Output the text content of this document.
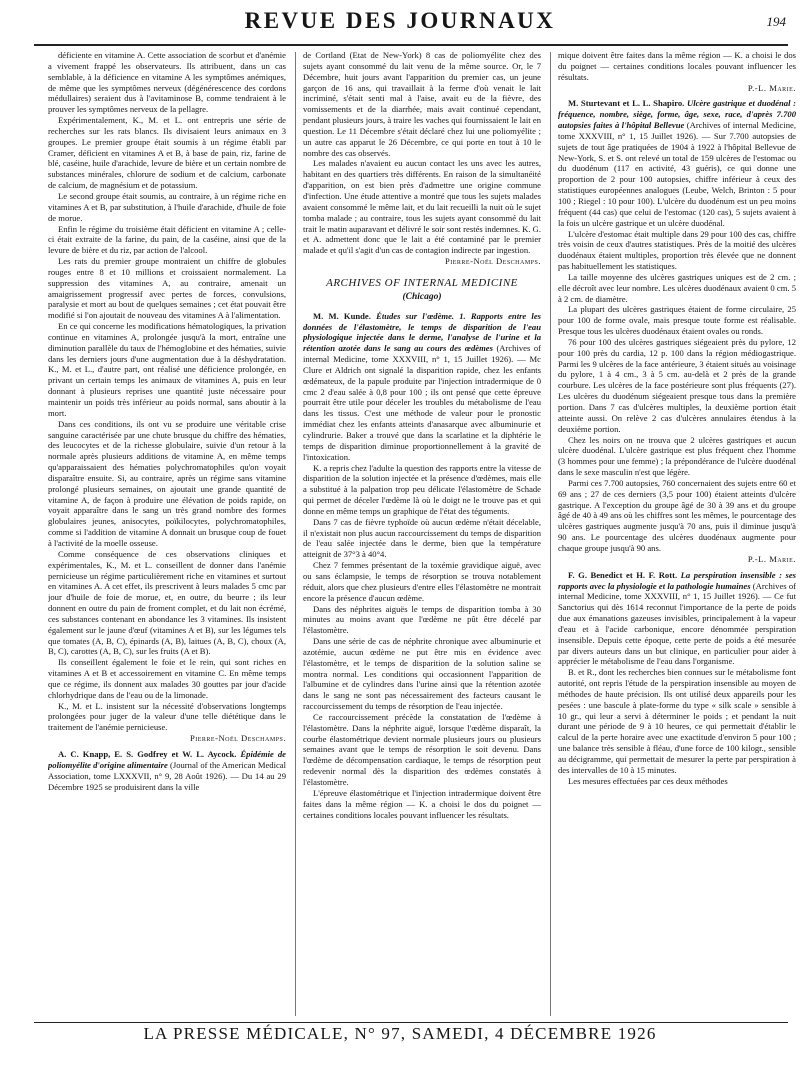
REVUE DES JOURNAUX	194

déficiente en vitamine A. Cette association de scorbut et d'anémie a vivement frappé les observateurs. Ils attribuent, dans un cas semblable, à la déficience en vitamine A les symptômes anémiques, de même que les symptômes nerveux (dégénérescence des cordons médullaires) seraient dus à l'avitaminose B, comme tendraient à le prouver les symptômes nerveux de la pellagre.

Expérimentalement, K., M. et L. ont entrepris une série de recherches sur les rats blancs. Ils divisaient leurs animaux en 3 groupes. Le premier groupe était soumis à un régime établi par Cramer, déficient en vitamines A et B, à base de pain, riz, farine de blé, caséine, huile d'arachide, levure de bière et un certain nombre de substances minérales, chlorure de sodium et de calcium, carbonate de calcium, de magnésium et de potassium.

Le second groupe était soumis, au contraire, à un régime riche en vitamines A et B, par substitution, à l'huile d'arachide, d'huile de foie de morue.

Enfin le régime du troisième était déficient en vitamine A ; celle-ci était extraite de la farine, du pain, de la caséine, ainsi que de la levure de bière et du riz, par action de l'alcool.

Les rats du premier groupe montraient un chiffre de globules rouges entre 8 et 10 millions et croissaient normalement. La suppression des vitamines A, au contraire, amenait un amaigrissement progressif avec pertes de forces, convulsions, paralysie et mort au bout de quelques semaines ; cet état pouvait être modifié si l'on ajoutait de nouveau des vitamines A à l'alimentation.

En ce qui concerne les modifications hématologiques, la privation continue en vitamines A, prolongée jusqu'à la mort, entraîne une diminution parallèle du taux de l'hémoglobine et des hématies, suivie dans les derniers jours d'une augmentation due à la déshydratation. K., M. et L., d'autre part, ont réalisé une déficience prolongée, en privant un certain temps les animaux de vitamines A, puis en leur donnant à plusieurs reprises une quantité juste nécessaire pour maintenir un poids très inférieur au poids normal, sans aboutir à la mort.

Dans ces conditions, ils ont vu se produire une véritable crise sanguine caractérisée par une chute brusque du chiffre des hématies, des leucocytes et de la richesse globulaire, suivie d'un retour à la normale après plusieurs additions de vitamine A, en même temps qu'apparaissaient des hématies polychromatophiles qu'on voyait disparaître ensuite. Si, au contraire, après un régime sans vitamine prolongé plusieurs semaines, on ajoutait une grande quantité de vitamine A, de façon à produire une élévation de poids rapide, on voyait apparaître dans le sang un très grand nombre des formes globulaires jeunes, anisocytes, poïkilocytes, polychromatophiles, comme si l'addition de vitamine A donnait un brusque coup de fouet à l'activité de la moelle osseuse.

Comme conséquence de ces observations cliniques et expérimentales, K., M. et L. conseillent de donner dans l'anémie pernicieuse un régime particulièrement riche en vitamines et surtout en vitamines A. A cet effet, ils prescrivent à leurs malades 5 cmc par jour d'huile de foie de morue, et, en outre, du beurre ; ils leur donnent en outre du pain de froment complet, et du lait non écrémé, ces substances contenant en abondance les 3 vitamines. Ils insistent également sur le jaune d'œuf (vitamines A et B), sur les légumes tels que tomates (A, B, C), épinards (A, B), laitues (A, B, C), choux (A, B, C), carottes (A, B, C), sur les fruits (A et B).

Ils conseillent également le foie et le rein, qui sont riches en vitamines A et B et accessoirement en vitamine C. En même temps que ce régime, ils donnent aux malades 30 gouttes par jour d'acide chlorhydrique dans de l'eau ou de la limonade.

K., M. et L. insistent sur la nécessité d'observations longtemps prolongées pour juger de la valeur d'une telle diététique dans le traitement de l'anémie pernicieuse.

Pierre-Noël Deschamps.

A. C. Knapp, E. S. Godfrey et W. L. Aycock. Épidémie de poliomyélite d'origine alimentaire (Journal of the American Medical Association, tome LXXXVII, n° 9, 28 Août 1926). — Du 14 au 29 Décembre 1925 se produisirent dans la ville

de Cortland (Etat de New-York) 8 cas de poliomyélite chez des sujets ayant consommé du lait venu de la même source. Or, le 7 Décembre, huit jours avant l'apparition du premier cas, un jeune garçon de 16 ans, qui travaillait à la ferme d'où venait le lait incriminé, s'était senti mal à l'aise, avait eu de la fièvre, des vomissements et de la diarrhée, mais avait continué cependant, pendant plusieurs jours, à traire les vaches qui fournissaient le lait en question. Le 11 Décembre s'était déclaré chez lui une poliomyélite ; un autre cas apparut le 26 Décembre, ce qui porte en tout à 10 le nombre des cas observés.

Les malades n'avaient eu aucun contact les uns avec les autres, habitant en des quartiers très différents. En raison de la simultanéité d'apparition, on est bien près d'admettre une origine commune d'infection. Une étude attentive a montré que tous les sujets malades avaient consommé le même lait, et du lait recueilli la nuit où le sujet tomba malade ; au contraire, tous les sujets ayant consommé du lait trait le matin auparavant et délivré le soir sont restés indemnes. K. G. et A. admettent donc que le lait a été contaminé par le premier malade et qu'il s'agit d'un cas de contagion indirecte par ingestion.

Pierre-Noël Deschamps.

ARCHIVES OF INTERNAL MEDICINE
(Chicago)

M. M. Kunde. Études sur l'œdème. 1. Rapports entre les données de l'élastomètre, le temps de disparition de l'eau physiologique injectée dans le derme, l'analyse de l'urine et la rétention azotée dans le sang au cours des œdèmes (Archives of internal Medicine, tome XXXVIII, n° 1, 15 Juillet 1926). — Mc Clure et Aldrich ont signalé la disparition rapide, chez les enfants œdémateux, de la papule produite par l'injection intradermique de 0 cmc 2 d'eau salée à 0,8 pour 100 ; ils ont pensé que cette épreuve pourrait être utile pour déceler les troubles du métabolisme de l'eau dans les tissus. C'est une méthode de valeur pour le pronostic immédiat chez les enfants atteints d'anasarque avec albuminurie et cylindrurie. Baker a trouvé que dans la scarlatine et la diphtérie le temps de disparition diminue proportionnellement à la gravité de l'intoxication.

K. a repris chez l'adulte la question des rapports entre la vitesse de disparition de la solution injectée et la présence d'œdèmes, mais elle a substitué à la palpation trop peu délicate l'élastomètre de Schade qui permet de déceler l'œdème là où le doigt ne le trouve pas et qui donne en même temps un graphique de l'état des téguments.

Dans 7 cas de fièvre typhoïde où aucun œdème n'était décelable, il n'existait non plus aucun raccourcissement du temps de disparition de l'eau salée injectée dans le derme, bien que la température atteignit de 37°3 à 40°4.

Chez 7 femmes présentant de la toxémie gravidique aiguë, avec ou sans éclampsie, le temps de résorption se trouva notablement réduit, alors que chez plusieurs d'entre elles l'élastomètre ne montrait encore la présence d'aucun œdème.

Dans des néphrites aiguës le temps de disparition tomba à 30 minutes au moins avant que l'œdème ne pût être décelé par l'élastomètre.

Dans une série de cas de néphrite chronique avec albuminurie et azotémie, aucun œdème ne put être mis en évidence avec l'élastomètre, et le temps de disparition de la solution saline se montra normal. Les conditions qui occasionnent l'apparition de l'albumine et de cylindres dans l'urine ainsi que la rétention azotée dans le sang ne sont pas nécessairement des facteurs causant le raccourcissement du temps de résorption de l'eau injectée.

Ce raccourcissement précède la constatation de l'œdème à l'élastomètre. Dans la néphrite aiguë, lorsque l'œdème disparaît, la courbe élastométrique devient normale plusieurs jours ou plusieurs semaines avant que le temps de résorption le soit devenu. Dans l'œdème de décompensation cardiaque, le temps de résorption peut redevenir normal dès la disparition des œdèmes constatés à l'élastomètre.

L'épreuve élastométrique et l'injection intradermique doivent être faites dans la même région — K. a choisi le dos du poignet — certaines conditions locales pouvant influencer les résultats.

mique doivent être faites dans la même région — K. a choisi le dos du poignet — certaines conditions locales pouvant influencer les résultats.

P.-L. Marie.

M. Sturtevant et L. L. Shapiro. Ulcère gastrique et duodénal : fréquence, nombre, siège, forme, âge, sexe, race, d'après 7.700 autopsies faites à l'hôpital Bellevue (Archives of internal Medicine, tome XXXVIII, n° 1, 15 Juillet 1926). — Sur 7.700 autopsies de sujets de tout âge pratiquées de 1904 à 1922 à l'hôpital Bellevue de New-York, S. et S. ont relevé un total de 159 ulcères de l'estomac ou du duodénum (117 en activité, 43 guéris), ce qui donne une proportion de 2 pour 100 autopsies, chiffre inférieur à ceux des statistiques européennes analogues (Leube, Welch, Brinton : 5 pour 100 ; Riegel : 10 pour 100). L'ulcère du duodénum est un peu moins fréquent (44 cas) que celui de l'estomac (120 cas), 5 sujets avaient à la fois un ulcère gastrique et un ulcère duodénal.

L'ulcère d'estomac était multiple dans 29 pour 100 des cas, chiffre très voisin de ceux d'autres statistiques. Près de la moitié des ulcères duodénaux étaient multiples, proportion très élevée que ne donnent pas habituellement les statistiques.

La taille moyenne des ulcères gastriques uniques est de 2 cm. ; elle décroît avec leur nombre. Les ulcères duodénaux avaient 0 cm. 5 à 2 cm. de diamètre.

La plupart des ulcères gastriques étaient de forme circulaire, 25 pour 100 de forme ovale, mais presque toute forme est réalisable. Presque tous les ulcères duodénaux étaient ovales ou ronds.

76 pour 100 des ulcères gastriques siégeaient près du pylore, 12 pour 100 près du cardia, 12 p. 100 dans la région médiogastrique. Parmi les 9 ulcères de la face antérieure, 3 étaient situés au voisinage du pylore, 1 à 4 cm., 3 à 5 cm. au-delà et 2 près de la grande courbure. Les ulcères de la face postérieure sont plus fréquents (27). Les ulcères du duodénum siégeaient presque tous dans la première portion. Dans 7 cas d'ulcères multiples, la deuxième portion était atteinte aussi. On relève 2 cas d'ulcères annulaires étendus à la deuxième portion.

Chez les noirs on ne trouva que 2 ulcères gastriques et aucun ulcère duodénal. L'ulcère gastrique est plus fréquent chez l'homme (3 hommes pour une femme) ; la prépondérance de l'ulcère duodénal dans le sexe masculin n'est que légère.

Parmi ces 7.700 autopsies, 760 concernaient des sujets entre 60 et 69 ans ; 27 de ces derniers (3,5 pour 100) étaient atteints d'ulcère gastrique. A l'exception du groupe âgé de 30 à 39 ans et du groupe âgé de 40 à 49 ans où les chiffres sont les mêmes, le pourcentage des ulcères gastriques augmente jusqu'à 70 ans, puis il diminue jusqu'à 90 ans. Le pourcentage des ulcères duodénaux augmente pour chaque groupe jusqu'à 90 ans.

P.-L. Marie.

F. G. Benedict et H. F. Rott. La perspiration insensible : ses rapports avec la physiologie et la pathologie humaines (Archives of internal Medicine, tome XXXVIII, n° 1, 15 Juillet 1926). — Ce fut Sanctorius qui dès 1614 reconnut l'importance de la perte de poids due aux émanations gazeuses invisibles, principalement à la vapeur d'eau et à l'acide carbonique, encore dénommée perspiration insensible. Depuis cette époque, cette perte de poids a été mesurée par divers auteurs dans un but clinique, en particulier pour aider à apprécier le métabolisme de l'eau dans l'organisme.

B. et R., dont les recherches bien connues sur le métabolisme font autorité, ont repris l'étude de la perspiration insensible au moyen de méthodes de haute précision. Ils ont utilisé deux appareils pour les pesées : une bascule à plate-forme du type « silk scale » sensible à 10 gr., qui leur a servi à déterminer le poids ; et pendant la nuit durant une période de 9 à 10 heures, ce qui permettait d'établir le calcul de la perte horaire avec une exactitude d'environ 5 pour 100 ; une balance très sensible à fléau, d'une force de 100 kilogr., sensible au décigramme, qui permettait de mesurer la perte par perspiration à des intervalles de 10 à 15 minutes.

Les mesures effectuées par ces deux méthodes

LA PRESSE MÉDICALE, N° 97, SAMEDI, 4 DÉCEMBRE 1926
